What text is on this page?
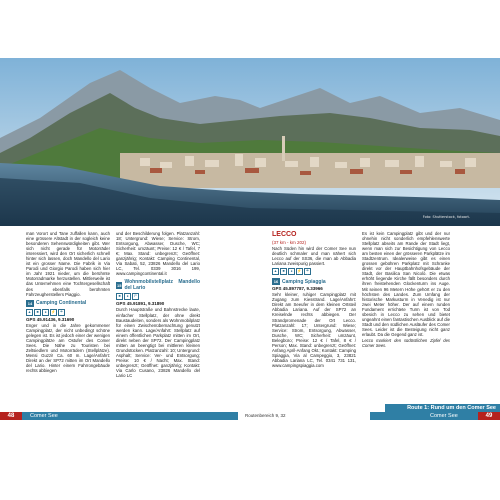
Foto: Shutterstock, fotoart.

man Vorort und Tane zuffallen kann, auch eine grössere Altstadt in der sogleich keine besonderen Sehenswürdigkeiten gibt. Wer sich nicht gerade für Motorräder interessiert, wird den Ort sicherlich schnell hinter sich lassen, doch Mandello del Lario ist ein grosser Name. Die Fabrik in Via Parodi und Giorgio Parodi haben sich hier im Jahr 1921 nieder, um die berühmte Motorradmarke herzustellen. Mittlerweile ist das Unternehmen eine Tochtergesellschaft des ebenfalls berühmten Fahrzeugherstellers Piaggio.

14 Camping Continental
▲	■	●	⚡	☂

GPS 45.91436, 9.31690

Enger und in die Jahre gekommener Campingplatz, der nicht unbedingt schöne gelegen ist. Es ist jedoch einer der wenigen Campingplätze am Ostufer des Comer Sees. Die Nähe zu Touristen bei Zeltsiedlern und Motorrädern (Stellplätze). Mensi Guzzi! Ca. 60 m. Lage/Anfahrt: Direkt an der SP72 mitten im Ort Mandello del Lario. Hinter einem Fahrrongebäude rechts abbiegen

und der Beschilderung folgen. Platzanzahl: 18; Untergrund: Wiese; Service: Strom, Entsorgung, Abwasser, Dusche, WC; Sicherheit: umzäunt; Preise: 12 € / Tafel, 7 €; Max. Stand: unbegrenzt; Geöffnet: ganzjährig; Kontakt: Camping Continental, Via Sabati, 52, 23826 Mandello del Lario LC, Tel. 0339 3016 199, www.campingcontinental.it

15 Wohnmobilstellplatz Mandello del Lario
■	●	P

GPS 45.91891, 9.31890

Durch Hauptstraße und Bahnstrecke laute, einfacher Stellplatz, der ohne direkt Baustaudeiten, sonders als Wohnmobilplatz für einen Zwischenübernachtung genutzt werden kann. Lage/Anfahrt: Stellplatz auf einem öffentlichen Parkplatz mitten im Ort, direkt neben der SP72. Der Campingplatz mitten an beengtigt bei mittleren kleinen Grundstücken. Platzanzahl: 10; Untergrund: Asphalt; Service: Ver- und Entsorgung; Preise: 10 € / Nacht; Max. Stand: unbegrenzt; Geöffnet: ganzjährig; Kontakt: Via Carlo Cusano, 23826 Mandello del Lario LC

LECCO

(37 km - km 202)

Nach Süden hin wird der Comer See nun deutlich schmaler und man nähert sich Lecco auf der SS36, die man ab Abbadia Lariana zweispurig passiert.

▲	■	●	⚡	☂
16 Camping Spiaggia

GPS 45.897787, 9.33966

Sehr kleiner, ruhiger Campingplatz mit Zugang zum Kiesstrand. Lage/Anfahrt: Direkt am Seeufer in dem kleinen Ortsteil Abbadia Lariana. Auf der SP72 an Kreiselnde rechts abbiegen. Der Strandpromenade der Ort Lecco. Platzanzahl: 17; Untergrund: Wiese; Service: Strom, Entsorgung, Abwasser, Dusche, WC; Sicherheit: umzäunt, Belegbüro; Preise: 12 € / Tafel, 8 € / Person; Max. Stand: unbegrenzt; Geöffnet: Anfang April-Anfang Okt.; Kontakt: Camping Spiaggia, Via al Campeggio, 3, 23821 Abbadia Lariana LC, Tel. 0341 731 131, www.campingspiaggia.com

Es ist kein Campingplatz gibt und der nur ohnehin nicht sonderlich empfehlenswerte Stellplatz abseits am Rande der Stadt liegt, wenn man sich zur Besichtigung von Lecco am besten einen der grösseren Parkplätze im Stadtzentrum. Idealerweise gibt es einen grossen gebühren Parkplatz mit Schranke direkt vor der Hauptbahnhofsgebäude der Stadt, der Basilica San Nicolò. Die etwas erhöht liegende Kirche fällt besonders durch ihren freistehenden Glockenturm ins Auge. Mit seinen 96 Metern Höhe gehört er zu den höchsten des Landes. Zum Umfang der historische Markusturm in Venedig ist nur zwei Meter höher. Der auf einem runden Fundament errichtete Turm ist von Tod sbesich in Lecco zu sehen und bietet ungeahnt einen fantastischen Ausblick auf die Stadt und den südlichen Ausläufer des Comer Sees. Leider ist die Besteigung nicht ganz erlaubt. Da die Gegend ganz ist.

Lecco markiert den südöstlichen Zipfel des Comer Sees.

48	Comer See	Routenbereich 9, 32
Route 1: Rund um den Comer See
Comer See	49
